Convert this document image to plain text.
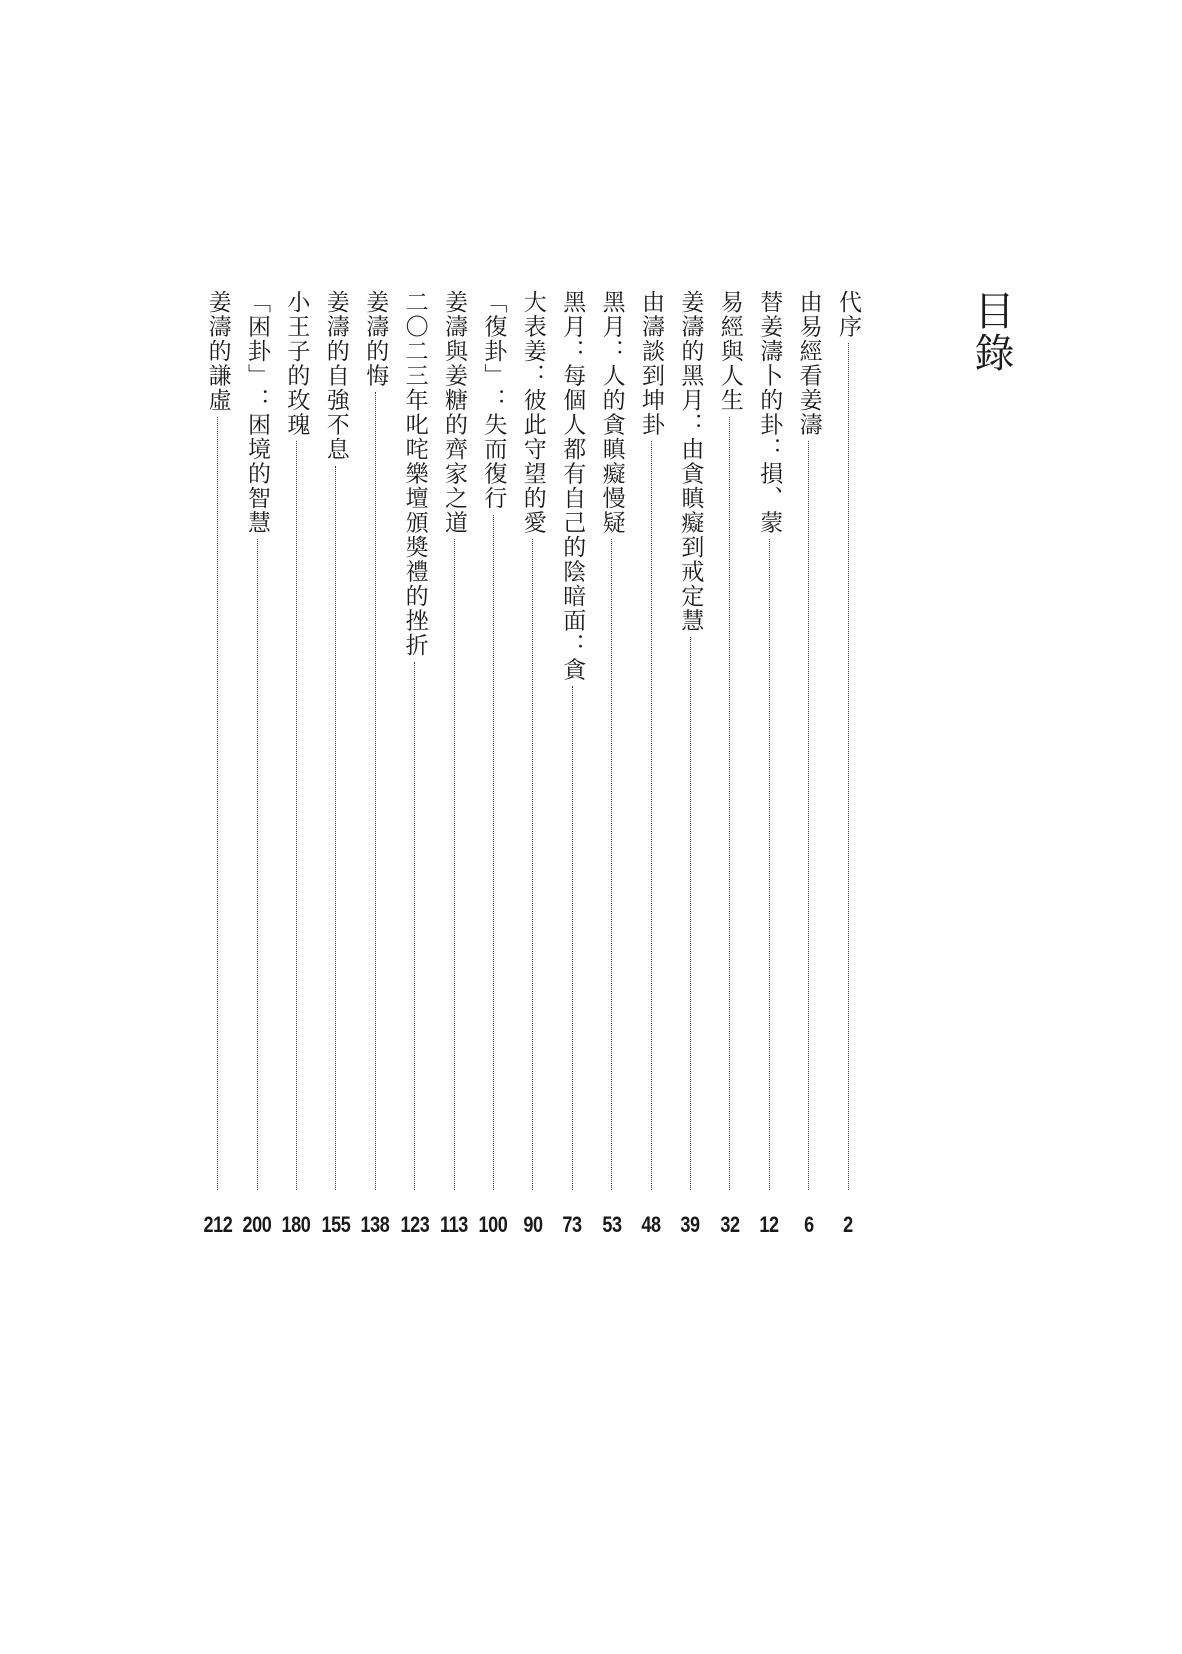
目錄
代序
2
由易經看姜濤
6
替姜濤卜的卦：損、蒙
12
易經與人生
32
姜濤的黑月：由貪瞋癡到戒定慧
39
由濤談到坤卦
48
黑月：人的貪瞋癡慢疑
53
黑月：每個人都有自己的陰暗面：貪
73
大表姜：彼此守望的愛
90
「復卦」：失而復行
100
姜濤與姜糖的齊家之道
113
二〇二三年叱咤樂壇頒奬禮的挫折
123
姜濤的悔
138
姜濤的自強不息
155
小王子的玫瑰
180
「困卦」：困境的智慧
200
姜濤的謙虛
212
